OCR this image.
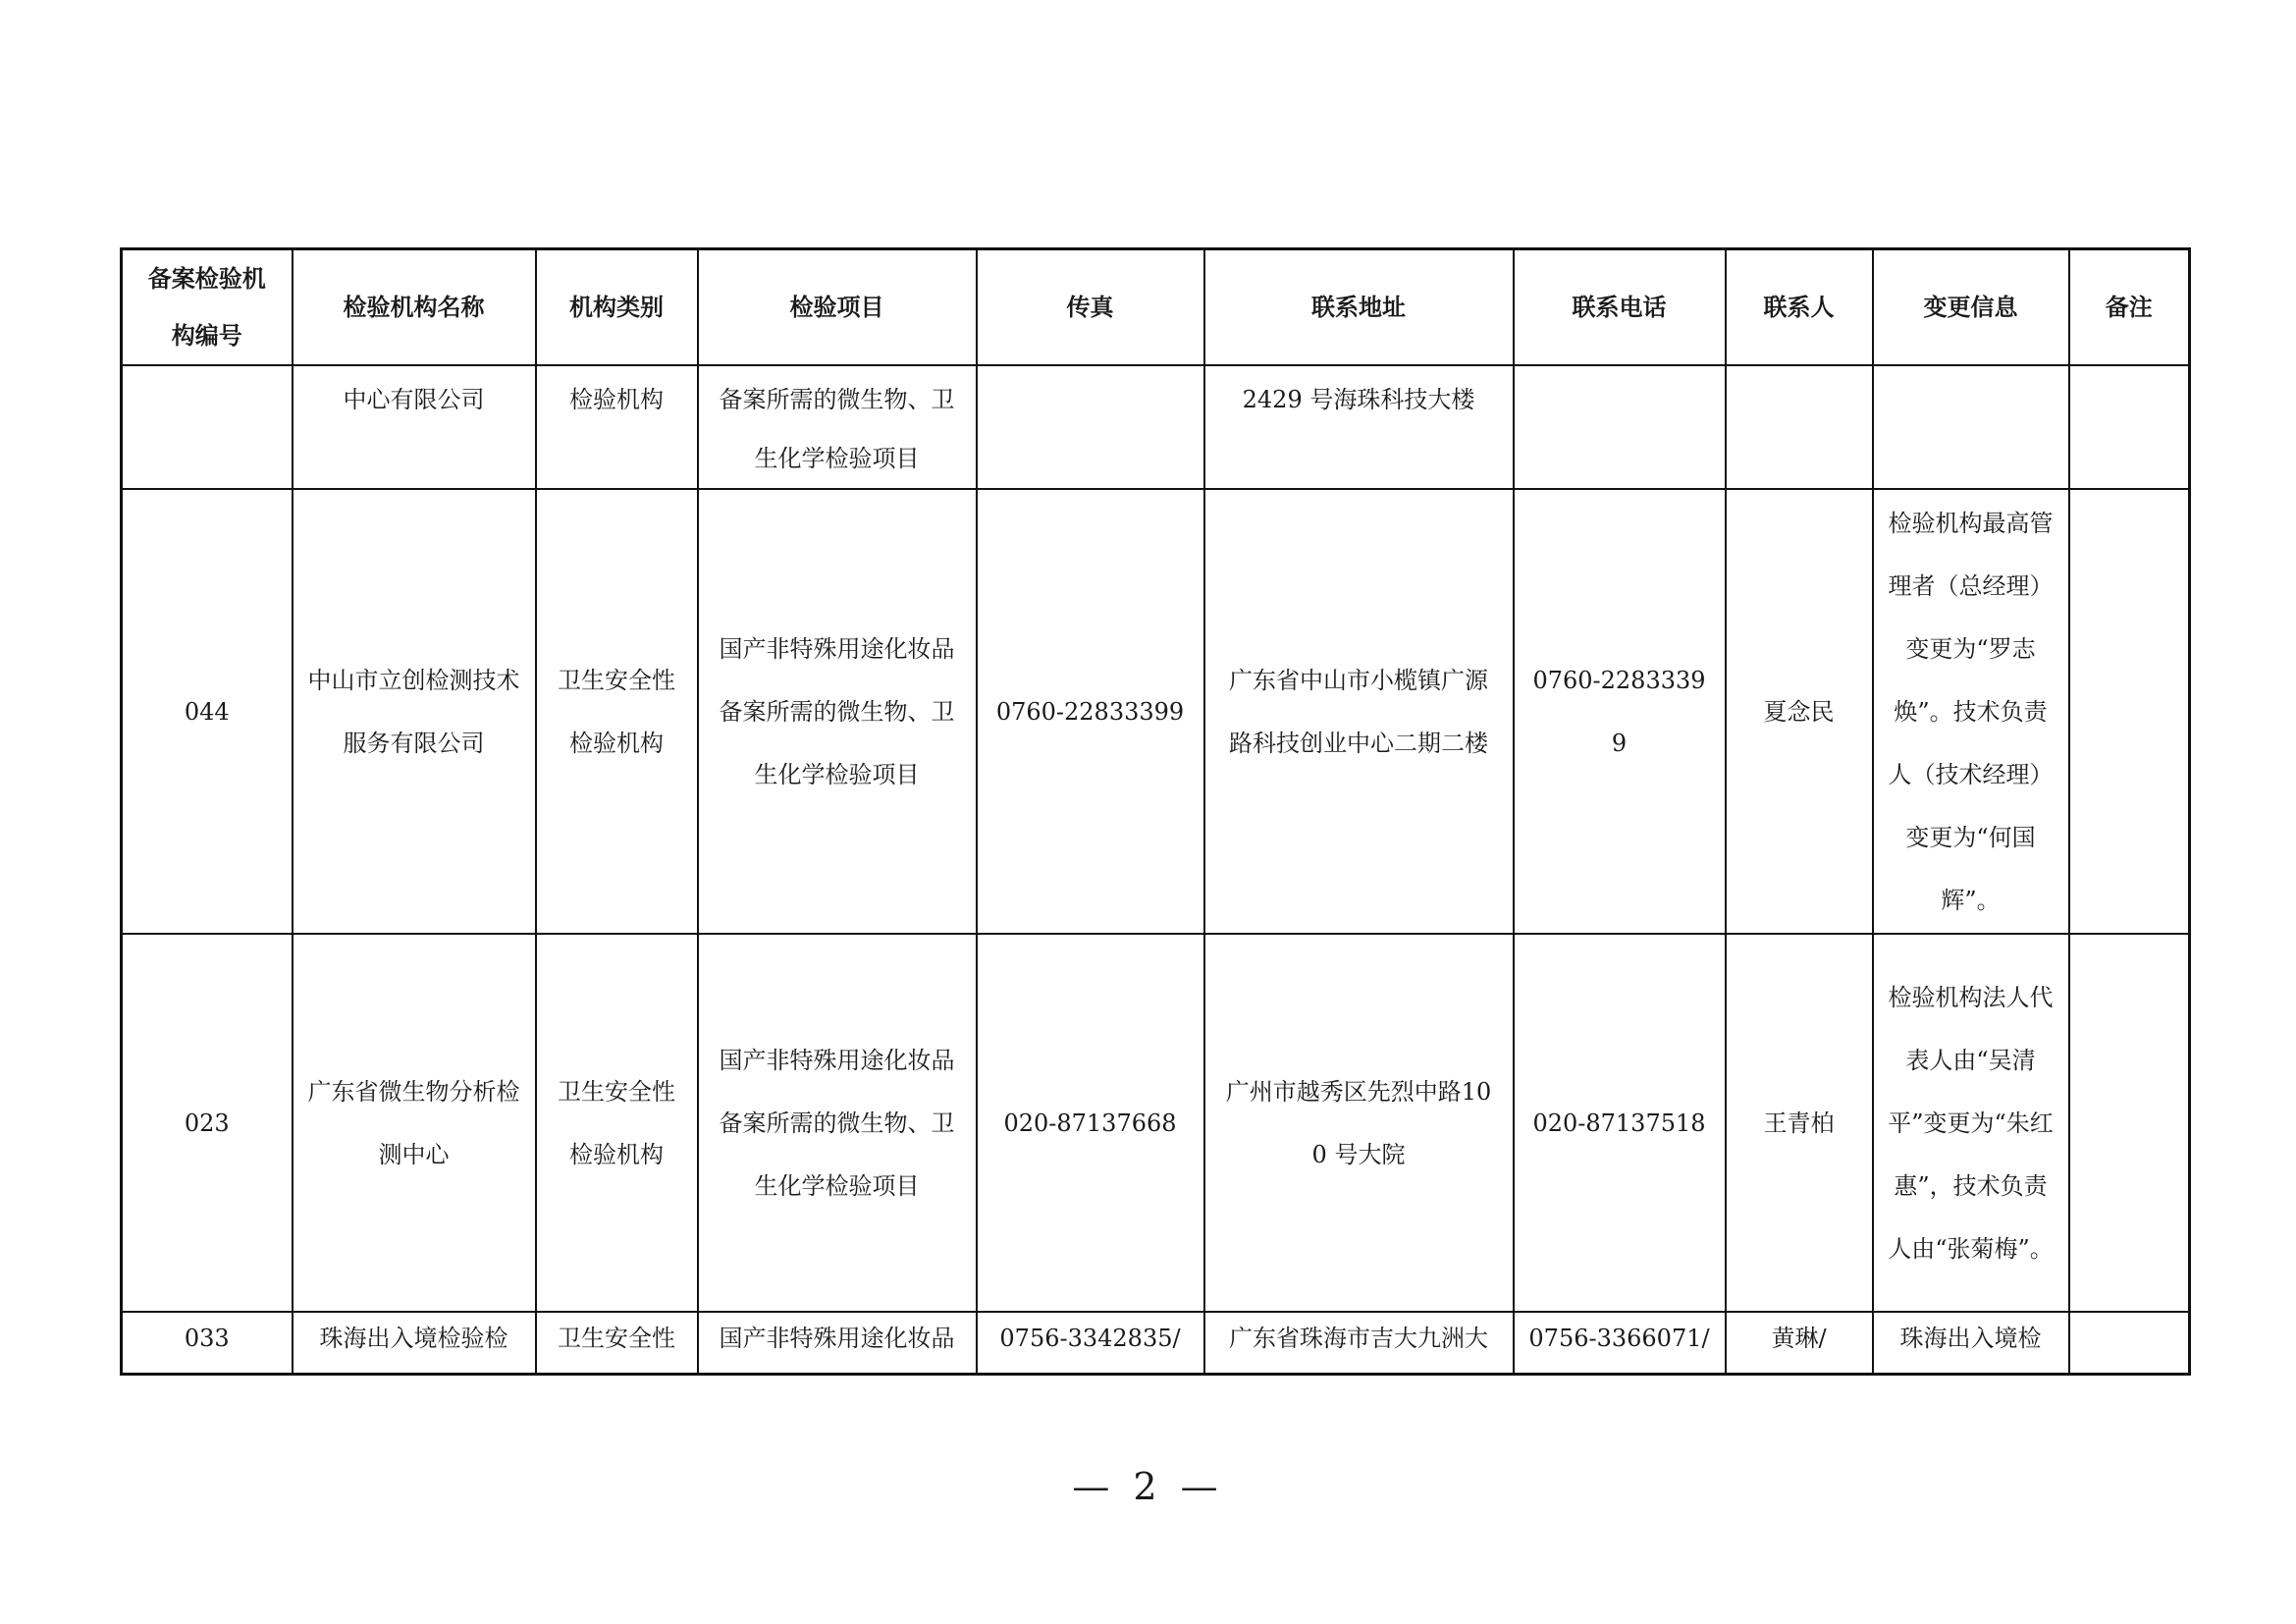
备案检验机构编号	检验机构名称	机构类别	检验项目	传真	联系地址	联系电话	联系人	变更信息	备注
	中心有限公司	检验机构	备案所需的微生物、卫生化学检验项目		2429 号海珠科技大楼				
044	中山市立创检测技术服务有限公司	卫生安全性检验机构	国产非特殊用途化妆品备案所需的微生物、卫生化学检验项目	0760-22833399	广东省中山市小榄镇广源路科技创业中心二期二楼	0760-22833399	夏念民	检验机构最高管理者（总经理）变更为“罗志焕”。技术负责人（技术经理）变更为“何国辉”。	
023	广东省微生物分析检测中心	卫生安全性检验机构	国产非特殊用途化妆品备案所需的微生物、卫生化学检验项目	020-87137668	广州市越秀区先烈中路100 号大院	020-87137518	王青柏	检验机构法人代表人由“吴清平”变更为“朱红惠”，技术负责人由“张菊梅”。	
033	珠海出入境检验检	卫生安全性	国产非特殊用途化妆品	0756-3342835/	广东省珠海市吉大九洲大	0756-3366071/	黄琳/	珠海出入境检	
— 2 —
